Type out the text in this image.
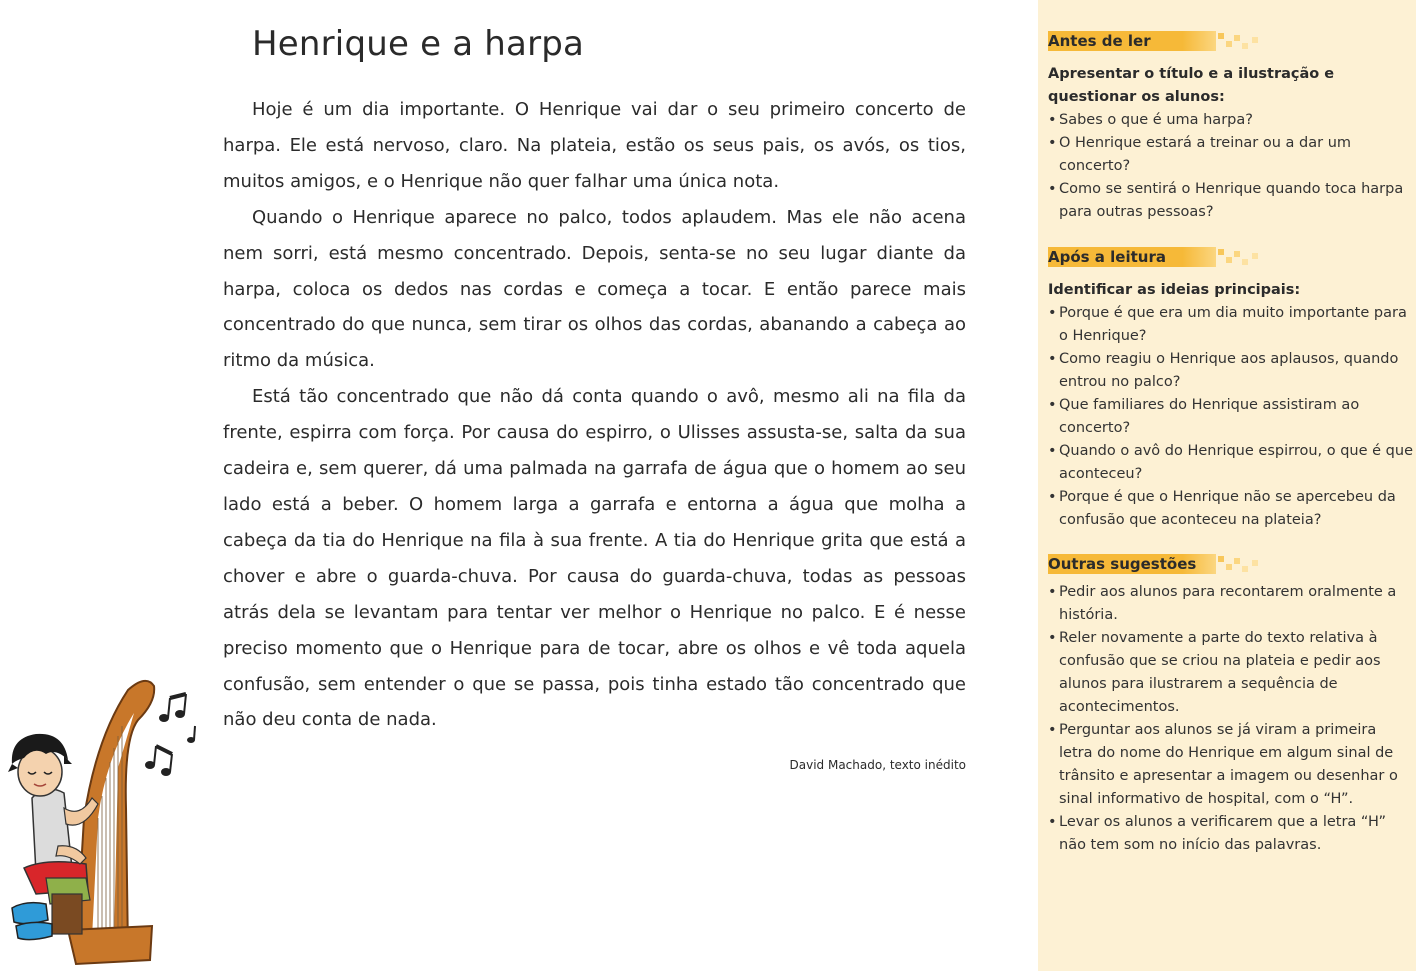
Henrique e a harpa

Hoje é um dia importante. O Henrique vai dar o seu primeiro concerto de harpa. Ele está nervoso, claro. Na plateia, estão os seus pais, os avós, os tios, muitos amigos, e o Henrique não quer falhar uma única nota.

Quando o Henrique aparece no palco, todos aplaudem. Mas ele não acena nem sorri, está mesmo concentrado. Depois, senta-se no seu lugar diante da harpa, coloca os dedos nas cordas e começa a tocar. E então parece mais concentrado do que nunca, sem tirar os olhos das cordas, abanando a cabeça ao ritmo da música.

Está tão concentrado que não dá conta quando o avô, mesmo ali na fila da frente, espirra com força. Por causa do espirro, o Ulisses assusta-se, salta da sua cadeira e, sem querer, dá uma palmada na garrafa de água que o homem ao seu lado está a beber. O homem larga a garrafa e entorna a água que molha a cabeça da tia do Henrique na fila à sua frente. A tia do Henrique grita que está a chover e abre o guarda-chuva. Por causa do guarda-chuva, todas as pessoas atrás dela se levantam para tentar ver melhor o Henrique no palco. E é nesse preciso momento que o Henrique para de tocar, abre os olhos e vê toda aquela confusão, sem entender o que se passa, pois tinha estado tão concentrado que não deu conta de nada.

David Machado, texto inédito
Antes de ler
Apresentar o título e a ilustração e questionar os alunos:
• Sabes o que é uma harpa?
• O Henrique estará a treinar ou a dar um concerto?
• Como se sentirá o Henrique quando toca harpa para outras pessoas?
Após a leitura
Identificar as ideias principais:
• Porque é que era um dia muito importante para o Henrique?
• Como reagiu o Henrique aos aplausos, quando entrou no palco?
• Que familiares do Henrique assistiram ao concerto?
• Quando o avô do Henrique espirrou, o que é que aconteceu?
• Porque é que o Henrique não se apercebeu da confusão que aconteceu na plateia?
Outras sugestões
• Pedir aos alunos para recontarem oralmente a história.
• Reler novamente a parte do texto relativa à confusão que se criou na plateia e pedir aos alunos para ilustrarem a sequência de acontecimentos.
• Perguntar aos alunos se já viram a primeira letra do nome do Henrique em algum sinal de trânsito e apresentar a imagem ou desenhar o sinal informativo de hospital, com o “H”.
• Levar os alunos a verificarem que a letra “H” não tem som no início das palavras.
